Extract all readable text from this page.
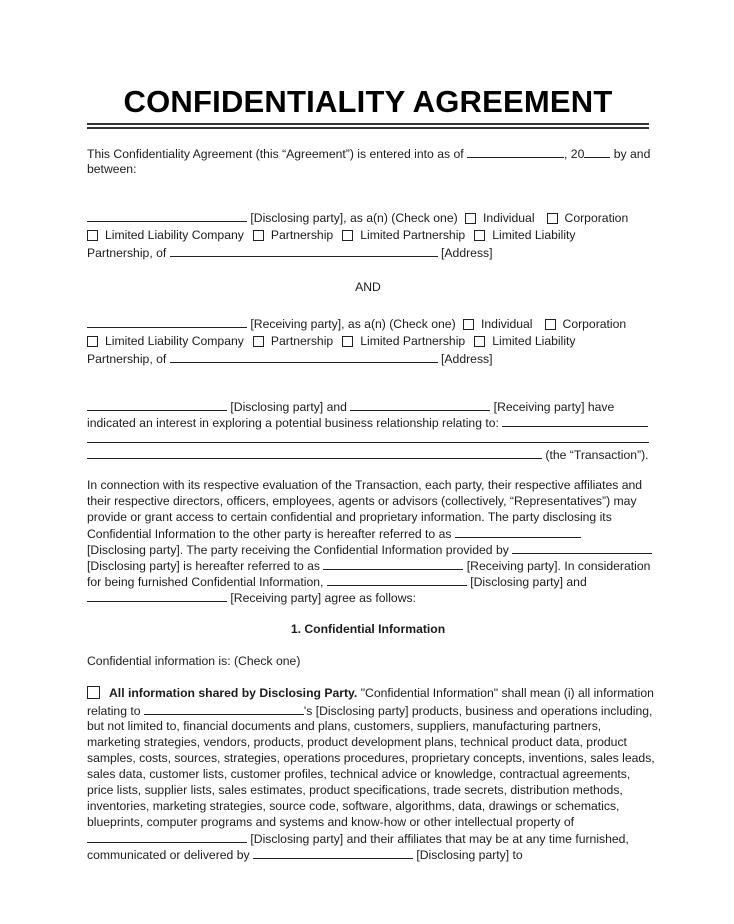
CONFIDENTIALITY AGREEMENT
This Confidentiality Agreement (this “Agreement”) is entered into as of	, 20 by and
between:
[Disclosing party], as a(n) (Check one) Individual Corporation
Limited Liability Company Partnership Limited Partnership Limited Liability
Partnership, of	[Address]
AND
[Receiving party], as a(n) (Check one) Individual Corporation
Limited Liability Company Partnership Limited Partnership Limited Liability
Partnership, of	[Address]
[Disclosing party] and	[Receiving party] have
indicated an interest in exploring a potential business relationship relating to:
(the “Transaction”).
In connection with its respective evaluation of the Transaction, each party, their respective affiliates and
their respective directors, officers, employees, agents or advisors (collectively, “Representatives”) may
provide or grant access to certain confidential and proprietary information. The party disclosing its
Confidential Information to the other party is hereafter referred to as
[Disclosing party]. The party receiving the Confidential Information provided by
[Disclosing party] is hereafter referred to as	[Receiving party]. In consideration
for being furnished Confidential Information,	[Disclosing party] and
[Receiving party] agree as follows:
1. Confidential Information
Confidential information is: (Check one)
All information shared by Disclosing Party. "Confidential Information" shall mean (i) all information
relating to	's [Disclosing party] products, business and operations including,
but not limited to, financial documents and plans, customers, suppliers, manufacturing partners,
marketing strategies, vendors, products, product development plans, technical product data, product
samples, costs, sources, strategies, operations procedures, proprietary concepts, inventions, sales leads,
sales data, customer lists, customer profiles, technical advice or knowledge, contractual agreements,
price lists, supplier lists, sales estimates, product specifications, trade secrets, distribution methods,
inventories, marketing strategies, source code, software, algorithms, data, drawings or schematics,
blueprints, computer programs and systems and know-how or other intellectual property of
[Disclosing party] and their affiliates that may be at any time furnished,
communicated or delivered by	[Disclosing party] to
